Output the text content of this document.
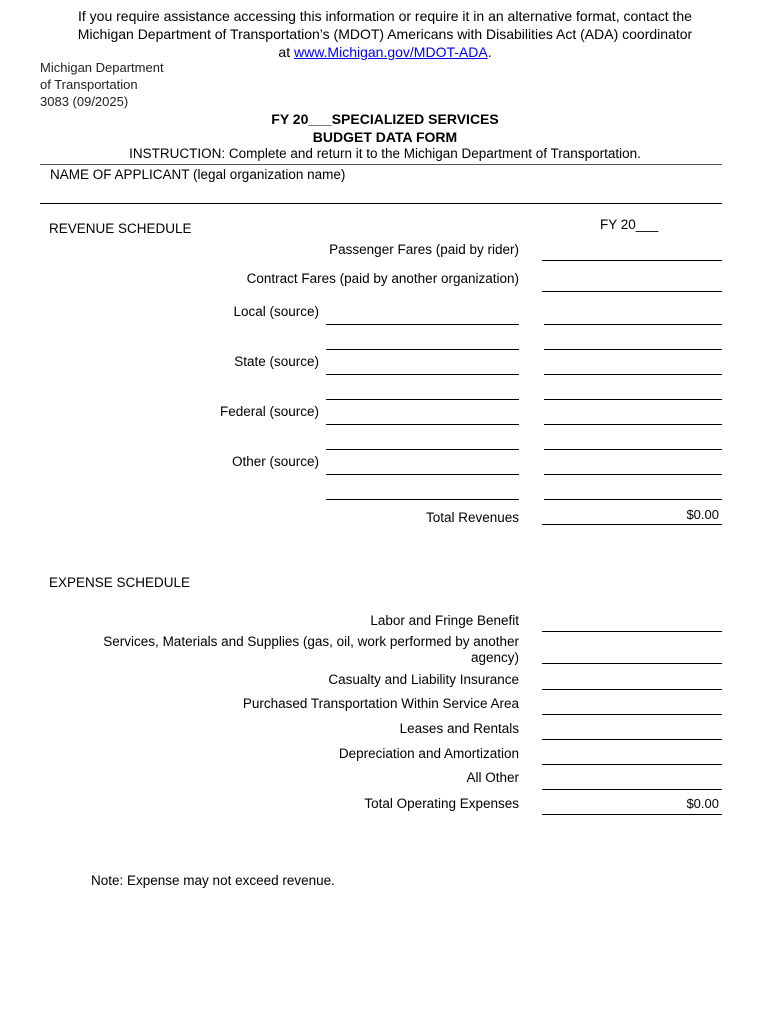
If you require assistance accessing this information or require it in an alternative format, contact the
Michigan Department of Transportation’s (MDOT) Americans with Disabilities Act (ADA) coordinator
at www.Michigan.gov/MDOT-ADA.
Michigan Department
of Transportation
3083 (09/2025)
FY 20___SPECIALIZED SERVICES
BUDGET DATA FORM
INSTRUCTION: Complete and return it to the Michigan Department of Transportation.
NAME OF APPLICANT (legal organization name)
REVENUE SCHEDULE	FY 20___
Passenger Fares (paid by rider)
Contract Fares (paid by another organization)
Local (source)
State (source)
Federal (source)
Other (source)
Total Revenues	$0.00
EXPENSE SCHEDULE
Labor and Fringe Benefit
Services, Materials and Supplies (gas, oil, work performed by another
agency)
Casualty and Liability Insurance
Purchased Transportation Within Service Area
Leases and Rentals
Depreciation and Amortization
All Other
Total Operating Expenses	$0.00
Note: Expense may not exceed revenue.
